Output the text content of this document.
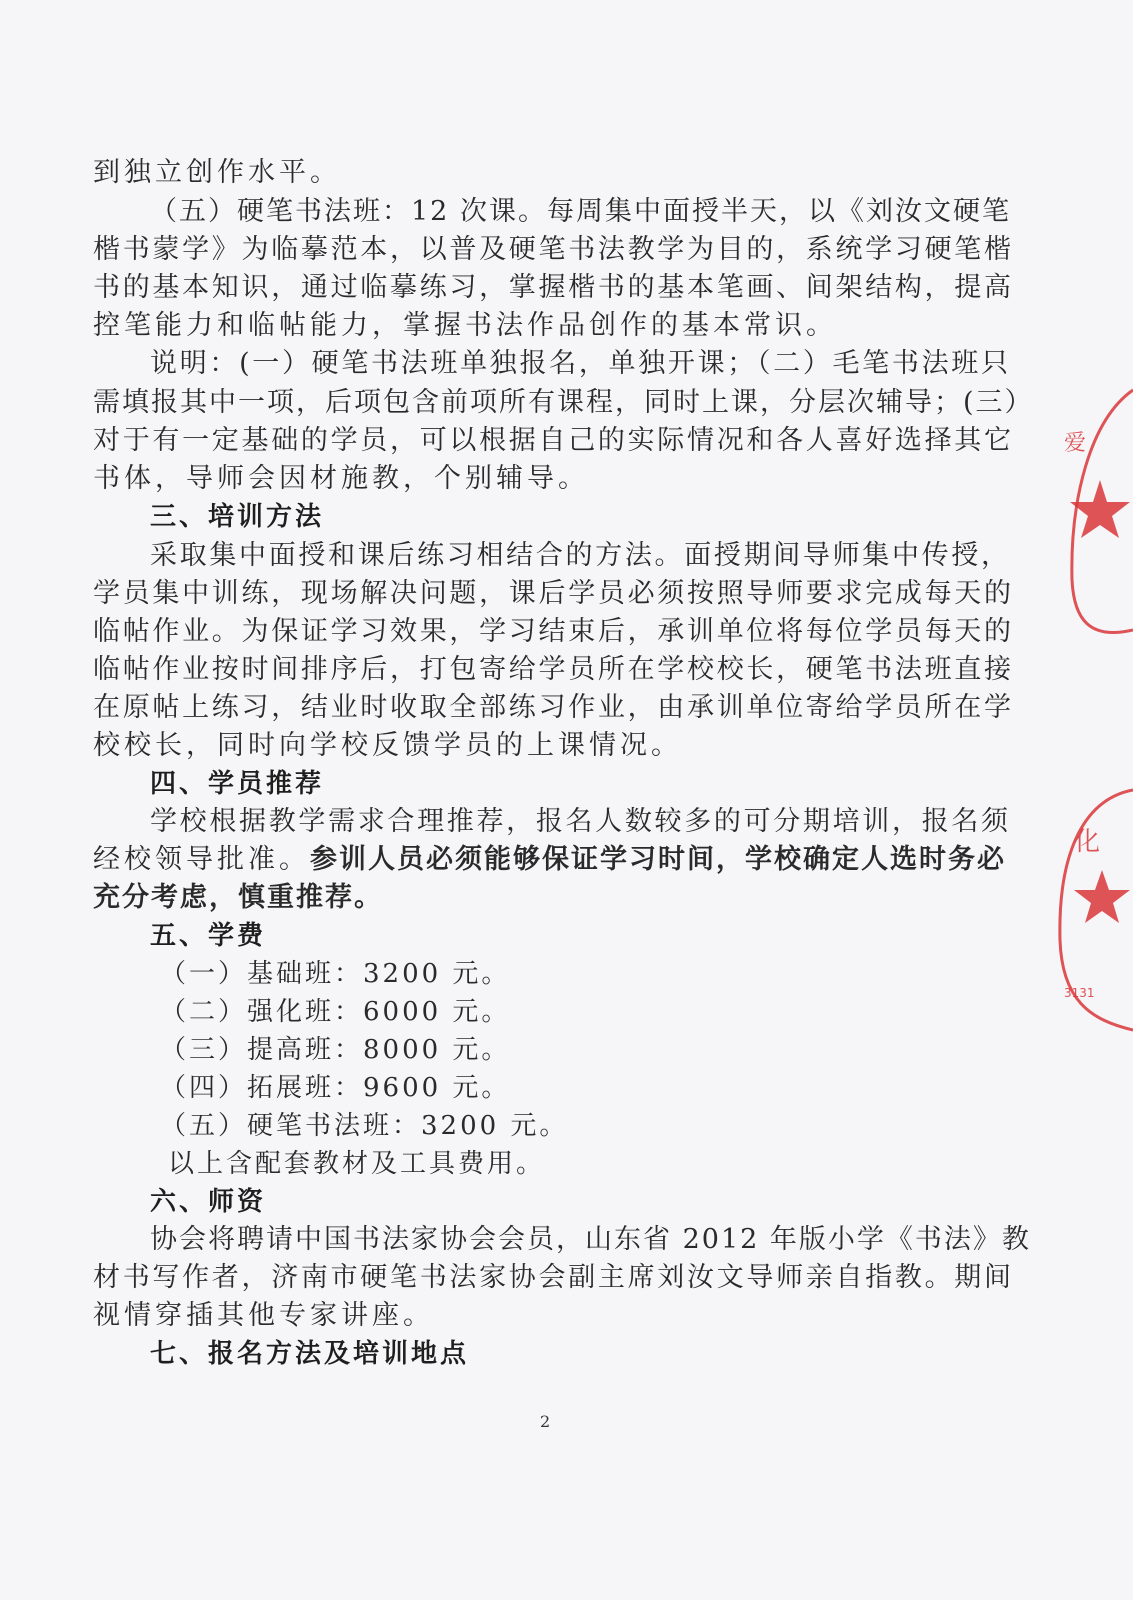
到独立创作水平。
（五）硬笔书法班：12 次课。每周集中面授半天，以《刘汝文硬笔
楷书蒙学》为临摹范本，以普及硬笔书法教学为目的，系统学习硬笔楷
书的基本知识，通过临摹练习，掌握楷书的基本笔画、间架结构，提高
控笔能力和临帖能力，掌握书法作品创作的基本常识。
说明：(一）硬笔书法班单独报名，单独开课；（二）毛笔书法班只
需填报其中一项，后项包含前项所有课程，同时上课，分层次辅导；(三）
对于有一定基础的学员，可以根据自己的实际情况和各人喜好选择其它
书体，导师会因材施教，个别辅导。
三、培训方法
采取集中面授和课后练习相结合的方法。面授期间导师集中传授，
学员集中训练，现场解决问题，课后学员必须按照导师要求完成每天的
临帖作业。为保证学习效果，学习结束后，承训单位将每位学员每天的
临帖作业按时间排序后，打包寄给学员所在学校校长，硬笔书法班直接
在原帖上练习，结业时收取全部练习作业，由承训单位寄给学员所在学
校校长，同时向学校反馈学员的上课情况。
四、学员推荐
学校根据教学需求合理推荐，报名人数较多的可分期培训，报名须
经校领导批准。参训人员必须能够保证学习时间，学校确定人选时务必
充分考虑，慎重推荐。
五、学费
（一）基础班：3200 元。
（二）强化班：6000 元。
（三）提高班：8000 元。
（四）拓展班：9600 元。
（五）硬笔书法班：3200 元。
以上含配套教材及工具费用。
六、师资
协会将聘请中国书法家协会会员，山东省 2012 年版小学《书法》教
材书写作者，济南市硬笔书法家协会副主席刘汝文导师亲自指教。期间
视情穿插其他专家讲座。
七、报名方法及培训地点
2
爱
化
3131
